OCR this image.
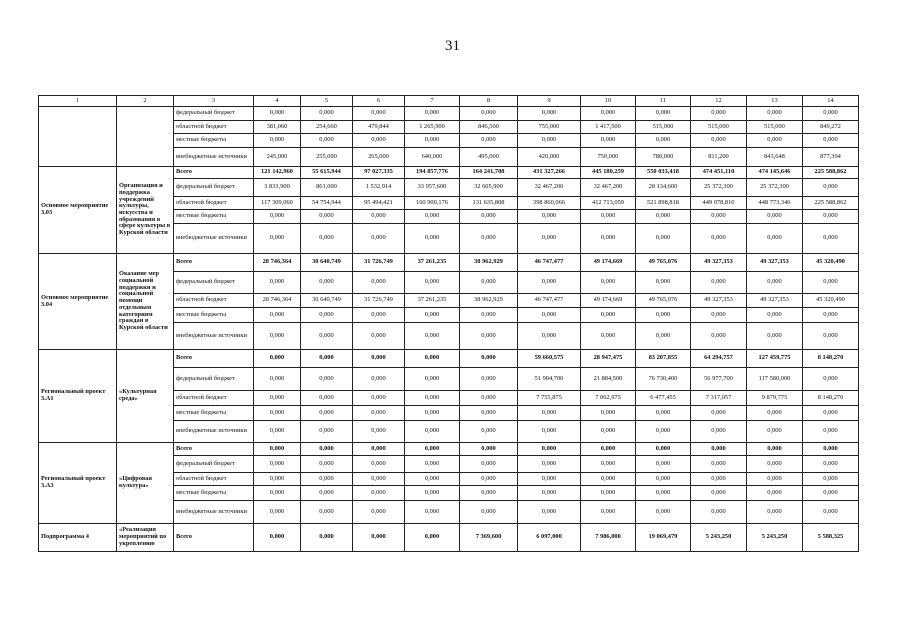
31
1	2	3	4	5	6	7	8	9	10	11	12	13	14
		федеральный бюджет	0,000	0,000	0,000	0,000	0,000	0,000	0,000	0,000	0,000	0,000	0,000
		областной бюджет	381,060	254,660	479,844	1 265,900	846,500	755,000	1 417,500	515,000	515,000	515,000	849,272
		местные бюджеты	0,000	0,000	0,000	0,000	0,000	0,000	0,000	0,000	0,000	0,000	0,000
		внебюджетные источники	245,000	255,000	265,000	640,000	495,000	420,000	750,000	780,000	811,200	843,648	877,394
Основное мероприятие 3.03	Организация и поддержка учреждений культуры, искусства и образования в сфере культуры в Курской области	Всего	121 142,960	55 615,944	97 027,335	194 857,776	164 241,708	431 327,266	445 180,259	550 033,418	474 451,110	474 145,646	225 588,862
		федеральный бюджет	3 833,900	861,000	1 532,914	33 957,600	32 605,900	32 467,200	32 467,200	28 134,600	25 372,300	25 372,300	0,000
		областной бюджет	117 309,060	54 754,944	95 494,421	160 900,176	131 635,808	398 860,066	412 713,059	521 898,818	449 078,810	448 773,346	225 588,862
		местные бюджеты	0,000	0,000	0,000	0,000	0,000	0,000	0,000	0,000	0,000	0,000	0,000
		внебюджетные источники	0,000	0,000	0,000	0,000	0,000	0,000	0,000	0,000	0,000	0,000	0,000
Основное мероприятие 3.04	Оказание мер социальной поддержки и социальной помощи отдельным категориям граждан в Курской области	Всего	28 746,364	30 640,749	31 726,749	37 261,235	38 962,929	46 747,477	49 174,669	49 765,076	49 327,353	49 327,353	45 320,490
		федеральный бюджет	0,000	0,000	0,000	0,000	0,000	0,000	0,000	0,000	0,000	0,000	0,000
		областной бюджет	28 746,364	30 640,749	31 726,749	37 261,235	38 962,929	46 747,477	49 174,669	49 765,076	49 327,353	49 327,353	45 320,490
		местные бюджеты	0,000	0,000	0,000	0,000	0,000	0,000	0,000	0,000	0,000	0,000	0,000
		внебюджетные источники	0,000	0,000	0,000	0,000	0,000	0,000	0,000	0,000	0,000	0,000	0,000
Региональный проект 3.А1	«Культурная среда»	Всего	0,000	0,000	0,000	0,000	0,000	59 660,575	28 947,475	83 207,855	64 294,757	127 459,775	8 148,270
		федеральный бюджет	0,000	0,000	0,000	0,000	0,000	51 904,700	21 884,500	76 730,400	56 977,700	117 580,000	0,000
		областной бюджет	0,000	0,000	0,000	0,000	0,000	7 755,875	7 062,975	6 477,455	7 317,057	9 879,775	8 148,270
		местные бюджеты	0,000	0,000	0,000	0,000	0,000	0,000	0,000	0,000	0,000	0,000	0,000
		внебюджетные источники	0,000	0,000	0,000	0,000	0,000	0,000	0,000	0,000	0,000	0,000	0,000
Региональный проект 3.А3	«Цифровая культура»	Всего	0,000	0,000	0,000	0,000	0,000	0,000	0,000	0,000	0,000	0,000	0,000
		федеральный бюджет	0,000	0,000	0,000	0,000	0,000	0,000	0,000	0,000	0,000	0,000	0,000
		областной бюджет	0,000	0,000	0,000	0,000	0,000	0,000	0,000	0,000	0,000	0,000	0,000
		местные бюджеты	0,000	0,000	0,000	0,000	0,000	0,000	0,000	0,000	0,000	0,000	0,000
		внебюджетные источники	0,000	0,000	0,000	0,000	0,000	0,000	0,000	0,000	0,000	0,000	0,000
Подпрограмма 4	«Реализация мероприятий по укреплению	Всего	0,000	0,000	0,000	0,000	7 369,600	6 097,000	7 986,000	19 069,479	5 243,250	5 243,250	5 588,325
